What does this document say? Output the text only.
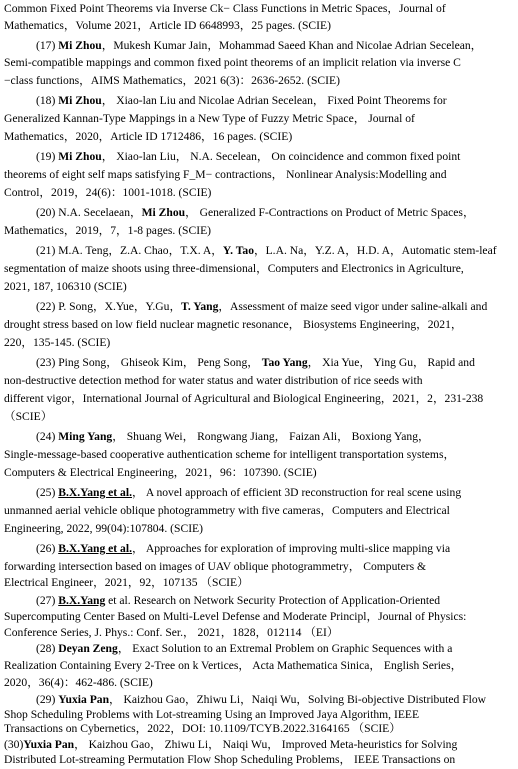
Common Fixed Point Theorems via Inverse Ck− Class Functions in Metric Spaces，Journal of
Mathematics，Volume 2021，Article ID 6648993，25 pages. (SCIE)
(17) Mi Zhou，Mukesh Kumar Jain，Mohammad Saeed Khan and Nicolae Adrian Secelean，
Semi-compatible mappings and common fixed point theorems of an implicit relation via inverse C
−class functions，AIMS Mathematics，2021 6(3)：2636-2652. (SCIE)
(18) Mi Zhou， Xiao-lan Liu and Nicolae Adrian Secelean， Fixed Point Theorems for
Generalized Kannan-Type Mappings in a New Type of Fuzzy Metric Space， Journal of
Mathematics，2020，Article ID 1712486，16 pages. (SCIE)
(19) Mi Zhou， Xiao-lan Liu， N.A. Secelean， On coincidence and common fixed point
theorems of eight self maps satisfying F_M− contractions， Nonlinear Analysis:Modelling and
Control，2019，24(6)：1001-1018. (SCIE)
(20) N.A. Secelaean，Mi Zhou， Generalized F-Contractions on Product of Metric Spaces，
Mathematics，2019，7，1-8 pages. (SCIE)
(21) M.A. Teng，Z.A. Chao，T.X. A，Y. Tao，L.A. Na，Y.Z. A，H.D. A，Automatic stem-leaf
segmentation of maize shoots using three-dimensional，Computers and Electronics in Agriculture,
2021, 187, 106310 (SCIE)
(22) P. Song，X.Yue，Y.Gu，T. Yang，Assessment of maize seed vigor under saline-alkali and
drought stress based on low field nuclear magnetic resonance， Biosystems Engineering，2021，
220，135-145. (SCIE)
(23) Ping Song， Ghiseok Kim， Peng Song， Tao Yang， Xia Yue， Ying Gu， Rapid and
non-destructive detection method for water status and water distribution of rice seeds with
different vigor，International Journal of Agricultural and Biological Engineering，2021，2，231-238
（SCIE）
(24) Ming Yang， Shuang Wei， Rongwang Jiang， Faizan Ali， Boxiong Yang，
Single-message-based cooperative authentication scheme for intelligent transportation systems，
Computers & Electrical Engineering，2021，96：107390. (SCIE)
(25) B.X.Yang et al.， A novel approach of efficient 3D reconstruction for real scene using
unmanned aerial vehicle oblique photogrammetry with five cameras，Computers and Electrical
Engineering, 2022, 99(04):107804. (SCIE)
(26) B.X.Yang et al.， Approaches for exploration of improving multi-slice mapping via
forwarding intersection based on images of UAV oblique photogrammetry， Computers &
Electrical Engineer，2021，92，107135 （SCIE）
(27) B.X.Yang et al. Research on Network Security Protection of Application-Oriented
Supercomputing Center Based on Multi-Level Defense and Moderate Principl，Journal of Physics:
Conference Series, J. Phys.: Conf. Ser.， 2021，1828，012114 （EI）
(28) Deyan Zeng， Exact Solution to an Extremal Problem on Graphic Sequences with a
Realization Containing Every 2-Tree on k Vertices， Acta Mathematica Sinica， English Series，
2020，36(4)：462-486. (SCIE)
(29) Yuxia Pan， Kaizhou Gao，Zhiwu Li，Naiqi Wu，Solving Bi-objective Distributed Flow
Shop Scheduling Problems with Lot-streaming Using an Improved Jaya Algorithm, IEEE
Transactions on Cybernetics，2022，DOI: 10.1109/TCYB.2022.3164165 （SCIE）
(30)Yuxia Pan， Kaizhou Gao， Zhiwu Li， Naiqi Wu， Improved Meta-heuristics for Solving
Distributed Lot-streaming Permutation Flow Shop Scheduling Problems， IEEE Transactions on
